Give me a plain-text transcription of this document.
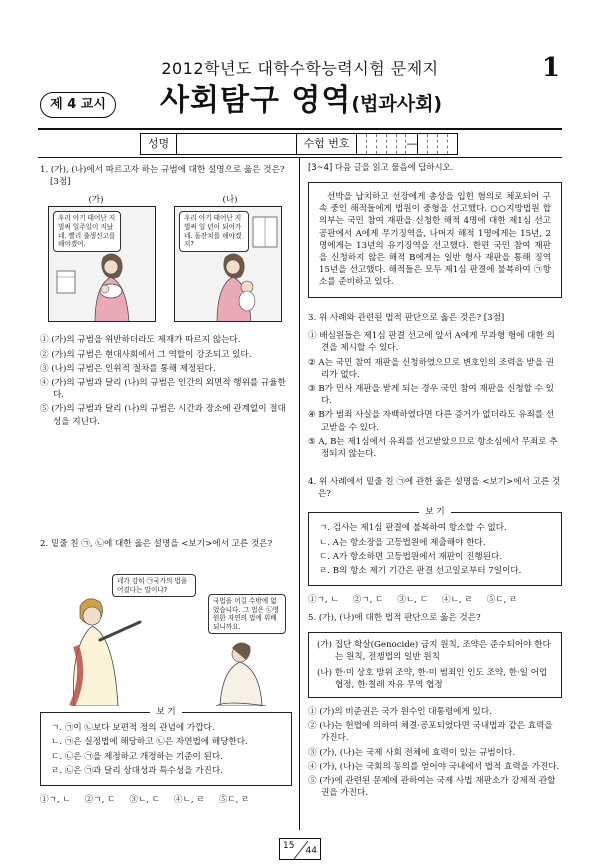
2012학년도 대학수학능력시험 문제지	1
제 4 교시	사회탐구 영역(법과사회)
성명	수험 번호	—
1. (가), (나)에서 따르고자 하는 규범에 대한 설명으로 옳은 것은? [3점]
(가)	(나)
우리 아기 태어난 지 벌써 일주일이 지났네. 빨리 출생신고를 해야겠어.
우리 아기 태어난 지 벌써 일 년이 되어가네. 돌잔치를 해야겠지?
① (가)의 규범을 위반하더라도 제재가 따르지 않는다.
② (가)의 규범은 현대사회에서 그 역할이 강조되고 있다.
③ (나)의 규범은 인위적 절차를 통해 제정된다.
④ (가)의 규범과 달리 (나)의 규범은 인간의 외면적 행위를 규율한다.
⑤ (가)의 규범과 달리 (나)의 규범은 시간과 장소에 관계없이 절대성을 지닌다.
2. 밑줄 친 ㉠, ㉡에 대한 옳은 설명을 <보기>에서 고른 것은?
네가 감히 ㉠국가의 법을 어겼다는 말이냐?
국법을 어길 수밖에 없었습니다. 그 법은 ㉡영원한 자연의 법에 위배되니까요.
보 기
ㄱ. ㉠이 ㉡보다 보편적 정의 관념에 가깝다.
ㄴ. ㉠은 실정법에 해당하고 ㉡은 자연법에 해당한다.
ㄷ. ㉡은 ㉠을 제정하고 개정하는 기준이 된다.
ㄹ. ㉡은 ㉠과 달리 상대성과 특수성을 가진다.
①ㄱ, ㄴ ②ㄱ, ㄷ ③ㄴ, ㄷ ④ㄴ, ㄹ ⑤ㄷ, ㄹ
[3~4] 다음 글을 읽고 물음에 답하시오.
선박을 납치하고 선장에게 총상을 입힌 혐의로 체포되어 구속 중인 해적들에게 법원이 중형을 선고했다. ○○지방법원 합의부는 국민 참여 재판을 신청한 해적 4명에 대한 제1심 선고 공판에서 A에게 무기징역을, 나머지 해적 1명에게는 15년, 2명에게는 13년의 유기징역을 선고했다. 한편 국민 참여 재판을 신청하지 않은 해적 B에게는 일반 형사 재판을 통해 징역 15년을 선고했다. 해적들은 모두 제1심 판결에 불복하여 ㉠항소를 준비하고 있다.
3. 위 사례와 관련된 법적 판단으로 옳은 것은? [3점]
① 배심원들은 제1심 판결 선고에 앞서 A에게 무과형 형에 대한 의견을 제시할 수 있다.
② A는 국민 참여 재판을 신청하였으므로 변호인의 조력을 받을 권리가 없다.
③ B가 민사 재판을 받게 되는 경우 국민 참여 재판을 신청할 수 있다.
④ B가 범죄 사실을 자백하였다면 다른 증거가 없더라도 유죄를 선고받을 수 있다.
⑤ A, B는 제1심에서 유죄를 선고받았으므로 항소심에서 무죄로 추정되지 않는다.
4. 위 사례에서 밑줄 친 ㉠에 관한 옳은 설명을 <보기>에서 고른 것은?
보 기
ㄱ. 검사는 제1심 판결에 불복하여 항소할 수 없다.
ㄴ. A는 항소장을 고등법원에 제출해야 한다.
ㄷ. A가 항소하면 고등법원에서 재판이 진행된다.
ㄹ. B의 항소 제기 기간은 판결 선고일로부터 7일이다.
①ㄱ, ㄴ ②ㄱ, ㄷ ③ㄴ, ㄷ ④ㄴ, ㄹ ⑤ㄷ, ㄹ
5. (가), (나)에 대한 법적 판단으로 옳은 것은?
(가) 집단 학살(Genocide) 금지 원칙, 조약은 준수되어야 한다는 원칙, 전쟁법의 일반 원칙
(나) 한·미 상호 방위 조약, 한·미 범죄인 인도 조약, 한·일 어업 협정, 한·칠레 자유 무역 협정
① (가)의 비준권은 국가 원수인 대통령에게 있다.
② (나)는 헌법에 의하여 체결·공포되었다면 국내법과 같은 효력을 가진다.
③ (가), (나)는 국제 사회 전체에 효력이 있는 규범이다.
④ (가), (나)는 국회의 동의를 얻어야 국내에서 법적 효력을 가진다.
⑤ (가)에 관련된 문제에 관하여는 국제 사법 재판소가 강제적 관할권을 가진다.
15
44
